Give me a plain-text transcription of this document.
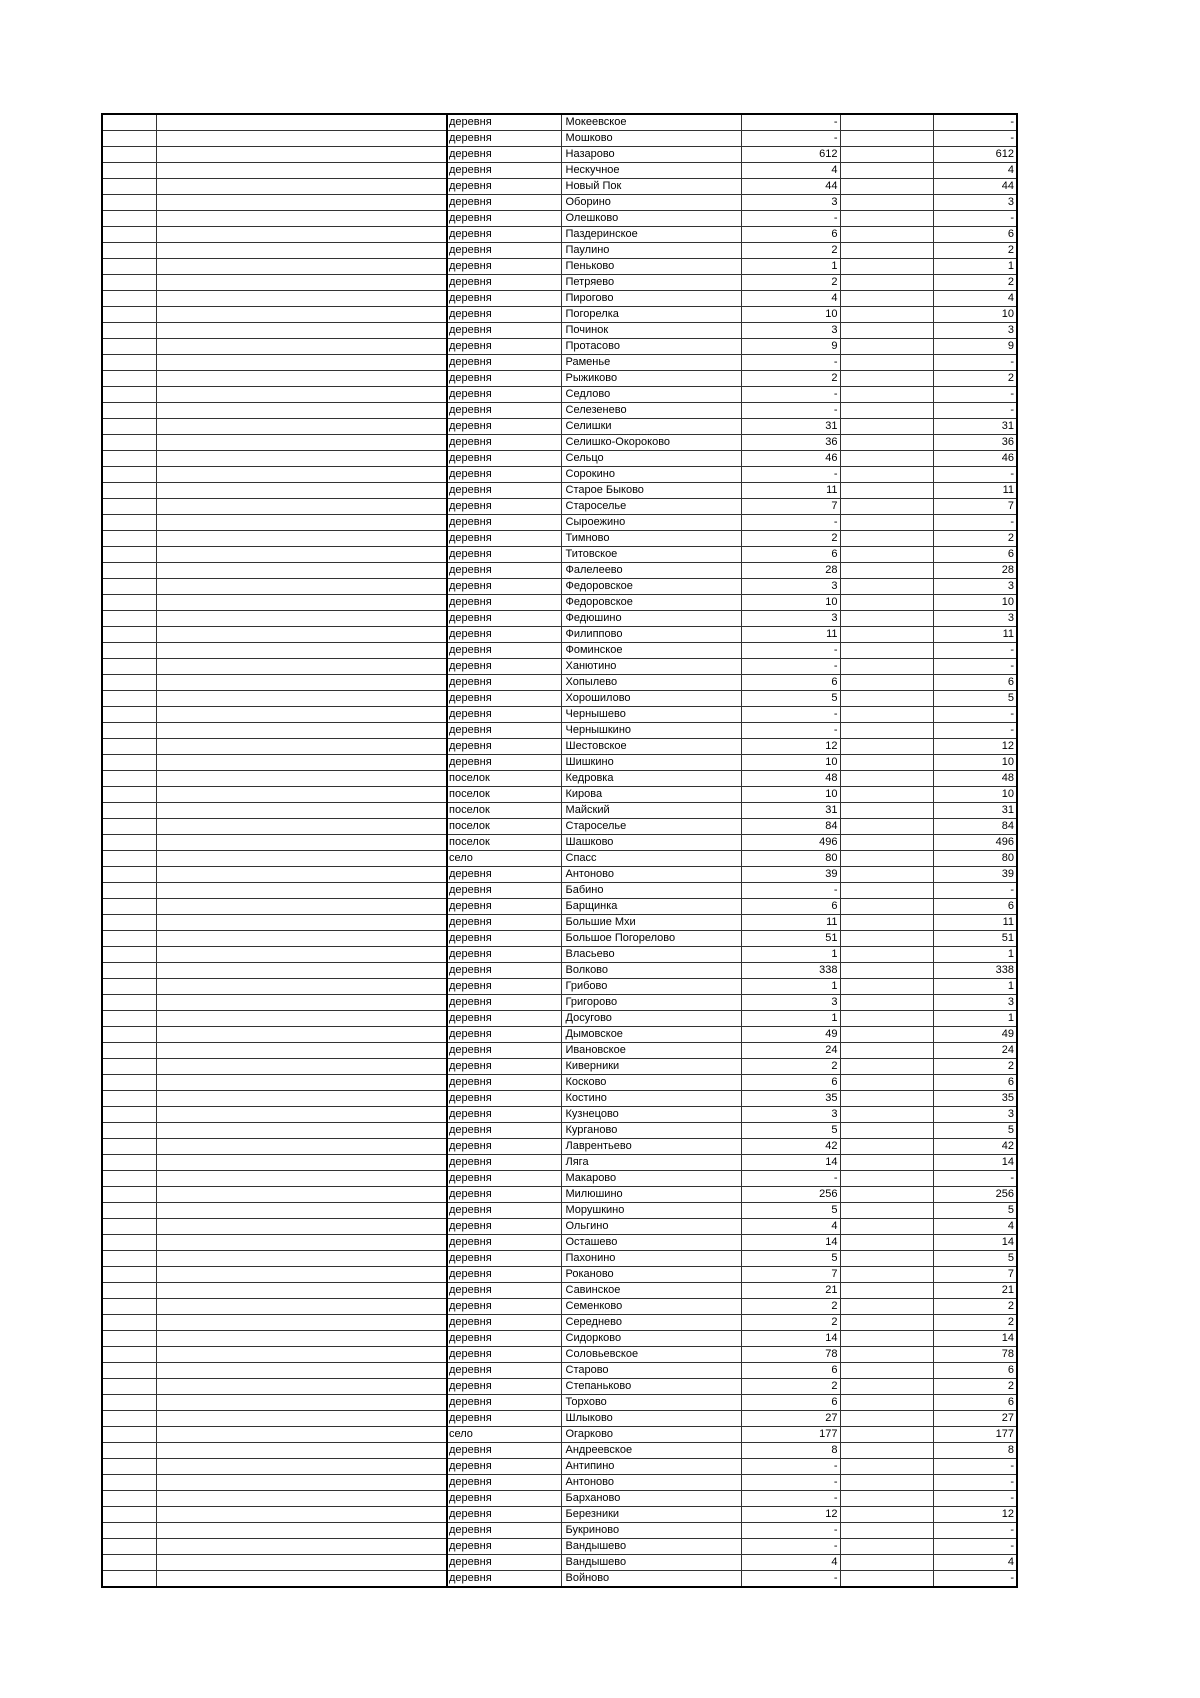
		деревня	Мокеевское	-		-
		деревня	Мошково	-		-
		деревня	Назарово	612		612
		деревня	Нескучное	4		4
		деревня	Новый Пок	44		44
		деревня	Оборино	3		3
		деревня	Олешково	-		-
		деревня	Паздеринское	6		6
		деревня	Паулино	2		2
		деревня	Пеньково	1		1
		деревня	Петряево	2		2
		деревня	Пирогово	4		4
		деревня	Погорелка	10		10
		деревня	Починок	3		3
		деревня	Протасово	9		9
		деревня	Раменье	-		-
		деревня	Рыжиково	2		2
		деревня	Седлово	-		-
		деревня	Селезенево	-		-
		деревня	Селишки	31		31
		деревня	Селишко-Окороково	36		36
		деревня	Сельцо	46		46
		деревня	Сорокино	-		-
		деревня	Старое Быково	11		11
		деревня	Староселье	7		7
		деревня	Сыроежино	-		-
		деревня	Тимново	2		2
		деревня	Титовское	6		6
		деревня	Фалелеево	28		28
		деревня	Федоровское	3		3
		деревня	Федоровское	10		10
		деревня	Федюшино	3		3
		деревня	Филиппово	11		11
		деревня	Фоминское	-		-
		деревня	Ханютино	-		-
		деревня	Хопылево	6		6
		деревня	Хорошилово	5		5
		деревня	Чернышево	-		-
		деревня	Чернышкино	-		-
		деревня	Шестовское	12		12
		деревня	Шишкино	10		10
		поселок	Кедровка	48		48
		поселок	Кирова	10		10
		поселок	Майский	31		31
		поселок	Староселье	84		84
		поселок	Шашково	496		496
		село	Спасс	80		80
		деревня	Антоново	39		39
		деревня	Бабино	-		-
		деревня	Барщинка	6		6
		деревня	Большие Мхи	11		11
		деревня	Большое Погорелово	51		51
		деревня	Власьево	1		1
		деревня	Волково	338		338
		деревня	Грибово	1		1
		деревня	Григорово	3		3
		деревня	Досугово	1		1
		деревня	Дымовское	49		49
		деревня	Ивановское	24		24
		деревня	Киверники	2		2
		деревня	Косково	6		6
		деревня	Костино	35		35
		деревня	Кузнецово	3		3
		деревня	Курганово	5		5
		деревня	Лаврентьево	42		42
		деревня	Ляга	14		14
		деревня	Макарово	-		-
		деревня	Милюшино	256		256
		деревня	Морушкино	5		5
		деревня	Ольгино	4		4
		деревня	Осташево	14		14
		деревня	Пахонино	5		5
		деревня	Роканово	7		7
		деревня	Савинское	21		21
		деревня	Семенково	2		2
		деревня	Середнево	2		2
		деревня	Сидорково	14		14
		деревня	Соловьевское	78		78
		деревня	Старово	6		6
		деревня	Степаньково	2		2
		деревня	Торхово	6		6
		деревня	Шлыково	27		27
		село	Огарково	177		177
		деревня	Андреевское	8		8
		деревня	Антипино	-		-
		деревня	Антоново	-		-
		деревня	Барханово	-		-
		деревня	Березники	12		12
		деревня	Букриново	-		-
		деревня	Вандышево	-		-
		деревня	Вандышево	4		4
		деревня	Войново	-		-
